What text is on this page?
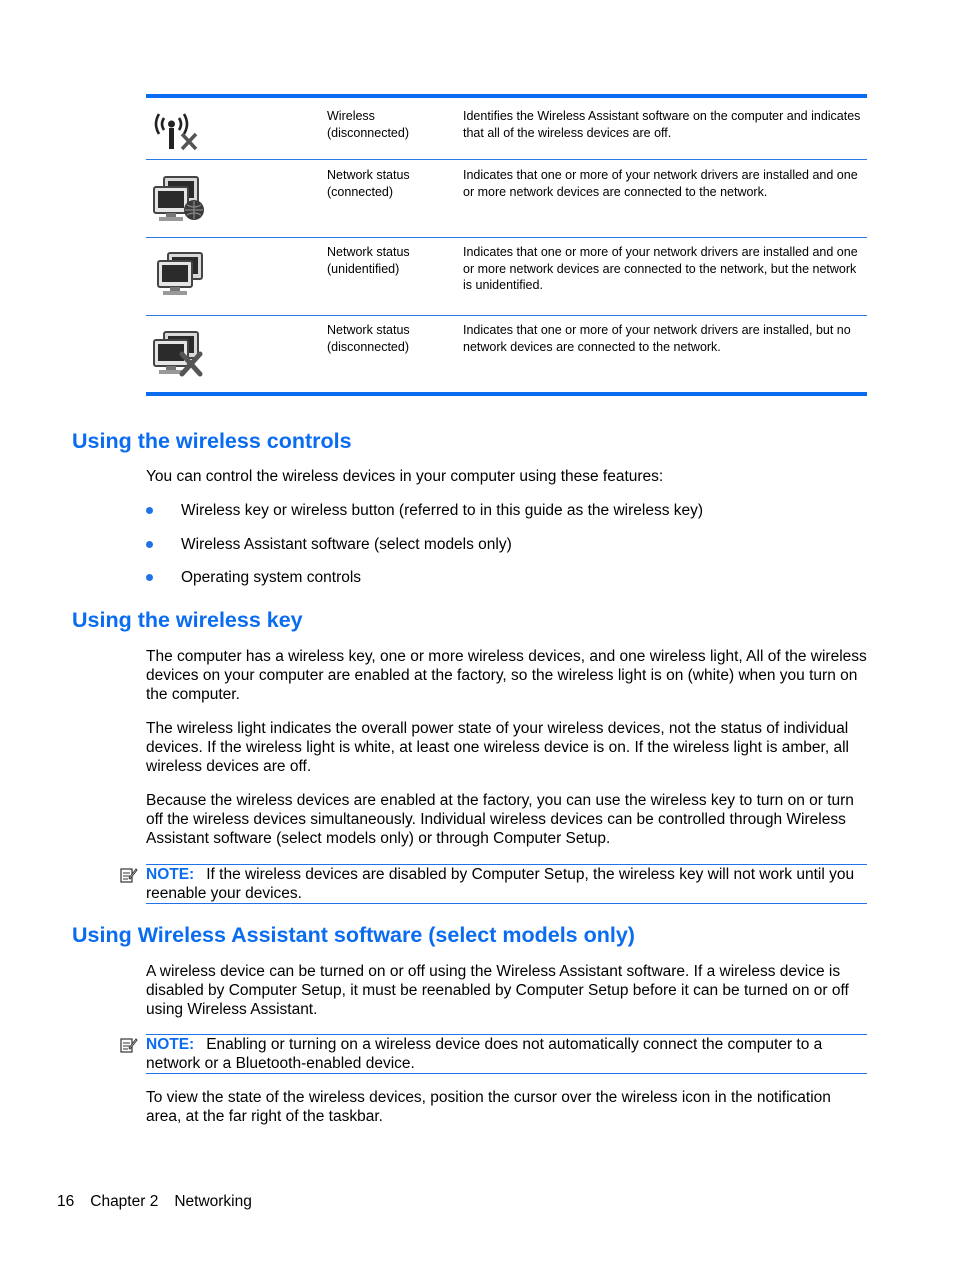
Wireless
(disconnected)
Identifies the Wireless Assistant software on the computer and indicates that all of the wireless devices are off.
Network status
(connected)
Indicates that one or more of your network drivers are installed and one or more network devices are connected to the network.
Network status
(unidentified)
Indicates that one or more of your network drivers are installed and one or more network devices are connected to the network, but the network is unidentified.
Network status
(disconnected)
Indicates that one or more of your network drivers are installed, but no network devices are connected to the network.
Using the wireless controls

You can control the wireless devices in your computer using these features:

Wireless key or wireless button (referred to in this guide as the wireless key)
Wireless Assistant software (select models only)
Operating system controls
Using the wireless key

The computer has a wireless key, one or more wireless devices, and one wireless light, All of the wireless devices on your computer are enabled at the factory, so the wireless light is on (white) when you turn on the computer.

The wireless light indicates the overall power state of your wireless devices, not the status of individual devices. If the wireless light is white, at least one wireless device is on. If the wireless light is amber, all wireless devices are off.

Because the wireless devices are enabled at the factory, you can use the wireless key to turn on or turn off the wireless devices simultaneously. Individual wireless devices can be controlled through Wireless Assistant software (select models only) or through Computer Setup.

NOTE: If the wireless devices are disabled by Computer Setup, the wireless key will not work until you reenable your devices.
Using Wireless Assistant software (select models only)

A wireless device can be turned on or off using the Wireless Assistant software. If a wireless device is disabled by Computer Setup, it must be reenabled by Computer Setup before it can be turned on or off using Wireless Assistant.

NOTE: Enabling or turning on a wireless device does not automatically connect the computer to a network or a Bluetooth-enabled device.

To view the state of the wireless devices, position the cursor over the wireless icon in the notification area, at the far right of the taskbar.

16 Chapter 2 Networking
